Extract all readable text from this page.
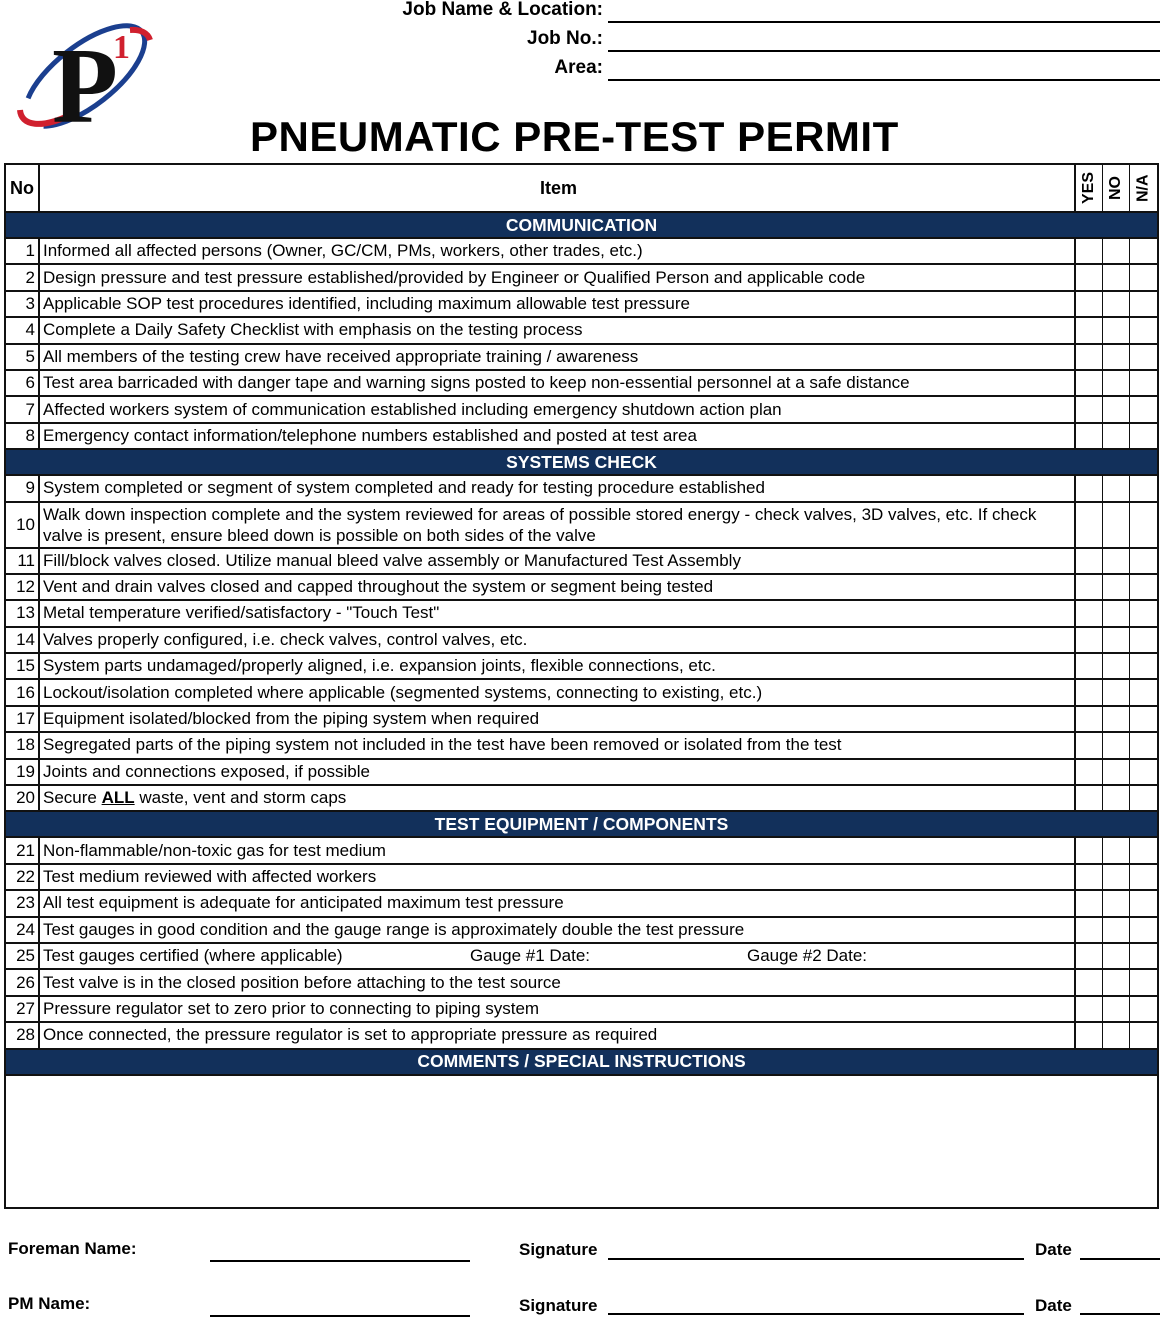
P
1
Job Name & Location:
Job No.:
Area:
PNEUMATIC PRE-TEST PERMIT
No	Item	YES NO N/A
COMMUNICATION
1 Informed all affected persons (Owner, GC/CM, PMs, workers, other trades, etc.)
2 Design pressure and test pressure established/provided by Engineer or Qualified Person and applicable code
3 Applicable SOP test procedures identified, including maximum allowable test pressure
4 Complete a Daily Safety Checklist with emphasis on the testing process
5 All members of the testing crew have received appropriate training / awareness
6 Test area barricaded with danger tape and warning signs posted to keep non-essential personnel at a safe distance
7 Affected workers system of communication established including emergency shutdown action plan
8 Emergency contact information/telephone numbers established and posted at test area
SYSTEMS CHECK
9 System completed or segment of system completed and ready for testing procedure established
10
Walk down inspection complete and the system reviewed for areas of possible stored energy - check valves, 3D valves, etc. If check valve is present, ensure bleed down is possible on both sides of the valve
11 Fill/block valves closed. Utilize manual bleed valve assembly or Manufactured Test Assembly
12 Vent and drain valves closed and capped throughout the system or segment being tested
13 Metal temperature verified/satisfactory - "Touch Test"
14 Valves properly configured, i.e. check valves, control valves, etc.
15 System parts undamaged/properly aligned, i.e. expansion joints, flexible connections, etc.
16 Lockout/isolation completed where applicable (segmented systems, connecting to existing, etc.)
17 Equipment isolated/blocked from the piping system when required
18 Segregated parts of the piping system not included in the test have been removed or isolated from the test
19 Joints and connections exposed, if possible
20 Secure ALL waste, vent and storm caps
TEST EQUIPMENT / COMPONENTS
21 Non-flammable/non-toxic gas for test medium
22 Test medium reviewed with affected workers
23 All test equipment is adequate for anticipated maximum test pressure
24 Test gauges in good condition and the gauge range is approximately double the test pressure
25 Test gauges certified (where applicable)	Gauge #1 Date:	Gauge #2 Date:
26 Test valve is in the closed position before attaching to the test source
27 Pressure regulator set to zero prior to connecting to piping system
28 Once connected, the pressure regulator is set to appropriate pressure as required
COMMENTS / SPECIAL INSTRUCTIONS
Foreman Name:	Signature	Date
PM Name:	Signature	Date
